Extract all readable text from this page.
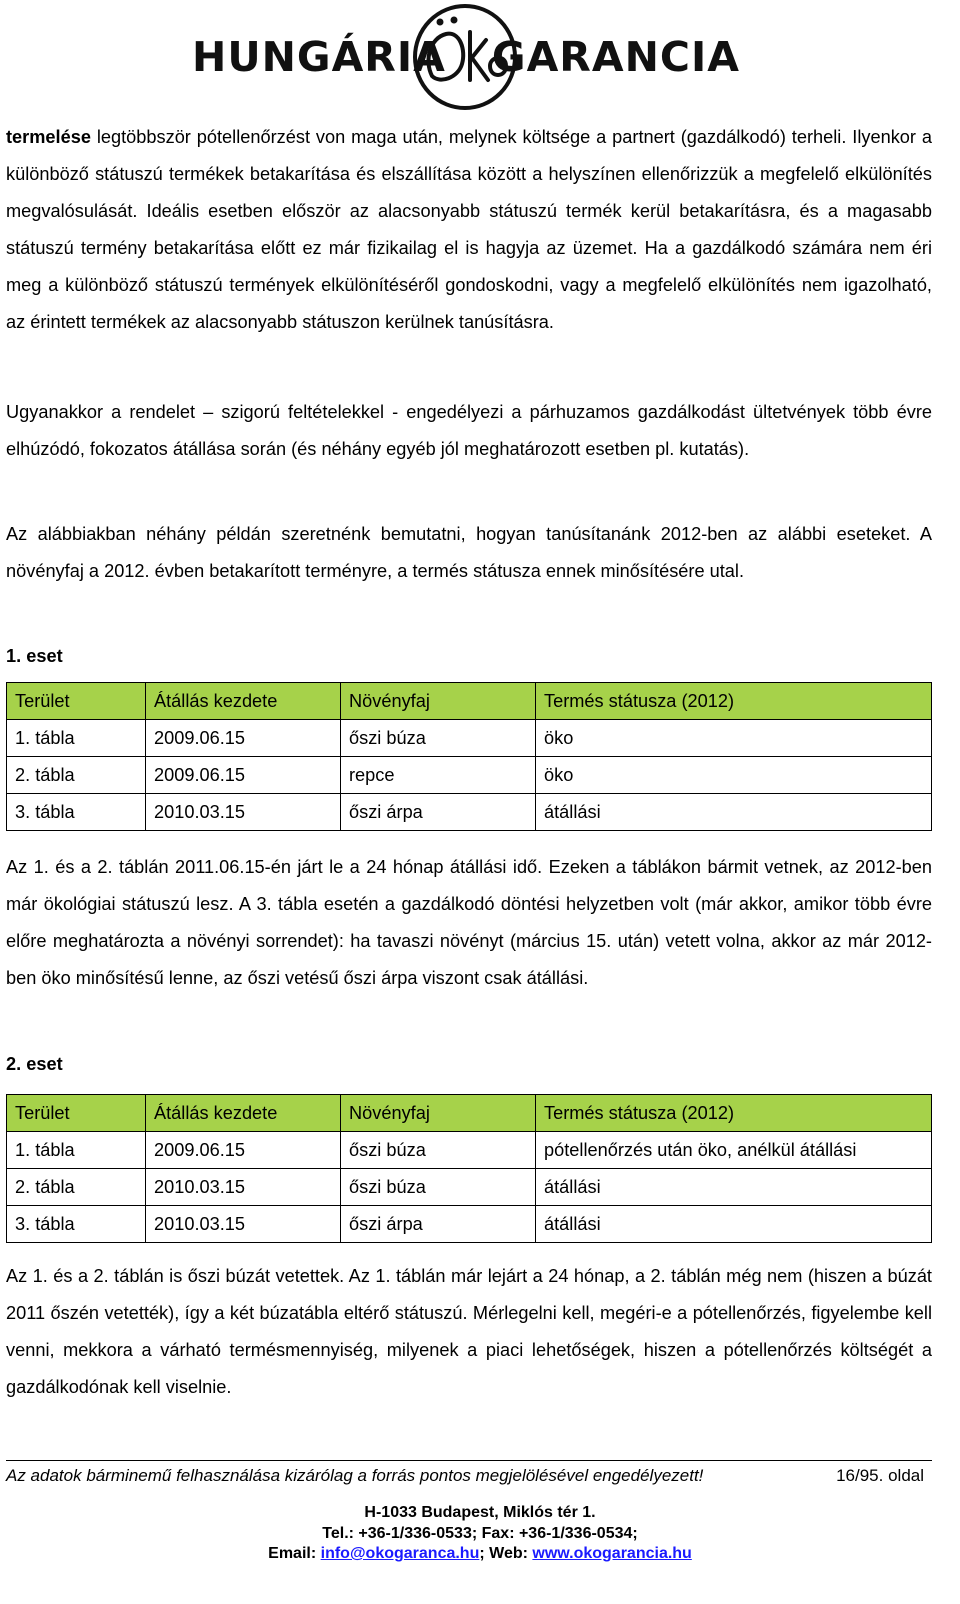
HUNGÁRIA
Öko
GARANCIA

termelése legtöbbször pótellenőrzést von maga után, melynek költsége a partnert (gazdálkodó) terheli. Ilyenkor a különböző státuszú termékek betakarítása és elszállítása között a helyszínen ellenőrizzük a megfelelő elkülönítés megvalósulását. Ideális esetben először az alacsonyabb státuszú termék kerül betakarításra, és a magasabb státuszú termény betakarítása előtt ez már fizikailag el is hagyja az üzemet. Ha a gazdálkodó számára nem éri meg a különböző státuszú termények elkülönítéséről gondoskodni, vagy a megfelelő elkülönítés nem igazolható, az érintett termékek az alacsonyabb státuszon kerülnek tanúsításra.

Ugyanakkor a rendelet – szigorú feltételekkel - engedélyezi a párhuzamos gazdálkodást ültetvények több évre elhúzódó, fokozatos átállása során (és néhány egyéb jól meghatározott esetben pl. kutatás).

Az alábbiakban néhány példán szeretnénk bemutatni, hogyan tanúsítanánk 2012-ben az alábbi eseteket. A növényfaj a 2012. évben betakarított terményre, a termés státusza ennek minősítésére utal.

1. eset

Terület	Átállás kezdete	Növényfaj	Termés státusza (2012)
1. tábla	2009.06.15	őszi búza	öko
2. tábla	2009.06.15	repce	öko
3. tábla	2010.03.15	őszi árpa	átállási

Az 1. és a 2. táblán 2011.06.15-én járt le a 24 hónap átállási idő. Ezeken a táblákon bármit vetnek, az 2012-ben már ökológiai státuszú lesz. A 3. tábla esetén a gazdálkodó döntési helyzetben volt (már akkor, amikor több évre előre meghatározta a növényi sorrendet): ha tavaszi növényt (március 15. után) vetett volna, akkor az már 2012-ben öko minősítésű lenne, az őszi vetésű őszi árpa viszont csak átállási.

2. eset

Terület	Átállás kezdete	Növényfaj	Termés státusza (2012)
1. tábla	2009.06.15	őszi búza	pótellenőrzés után öko, anélkül átállási
2. tábla	2010.03.15	őszi búza	átállási
3. tábla	2010.03.15	őszi árpa	átállási

Az 1. és a 2. táblán is őszi búzát vetettek. Az 1. táblán már lejárt a 24 hónap, a 2. táblán még nem (hiszen a búzát 2011 őszén vetették), így a két búzatábla eltérő státuszú. Mérlegelni kell, megéri-e a pótellenőrzés, figyelembe kell venni, mekkora a várható termésmennyiség, milyenek a piaci lehetőségek, hiszen a pótellenőrzés költségét a gazdálkodónak kell viselnie.

Az adatok bárminemű felhasználása kizárólag a forrás pontos megjelölésével engedélyezett!	16/95. oldal
H-1033 Budapest, Miklós tér 1.
Tel.: +36-1/336-0533; Fax: +36-1/336-0534;
Email: info@okogaranca.hu; Web: www.okogarancia.hu
